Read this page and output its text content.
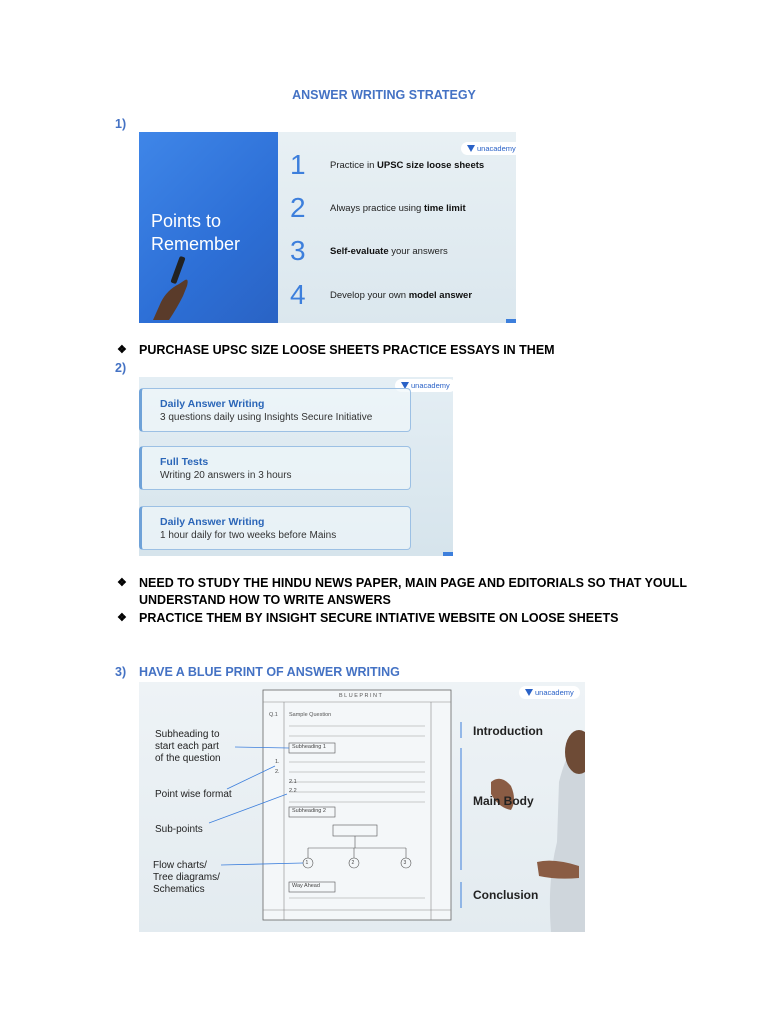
ANSWER WRITING STRATEGY
1)
Points to
Remember
unacademy
1	Practice in UPSC size loose sheets
2	Always practice using time limit
3	Self-evaluate your answers
4	Develop your own model answer
❖ PURCHASE UPSC SIZE LOOSE SHEETS PRACTICE ESSAYS IN THEM
2)
unacademy
Daily Answer Writing
3 questions daily using Insights Secure Initiative
Full Tests
Writing 20 answers in 3 hours
Daily Answer Writing
1 hour daily for two weeks before Mains
❖ NEED TO STUDY THE HINDU NEWS PAPER, MAIN PAGE AND EDITORIALS SO THAT YOULL UNDERSTAND HOW TO WRITE ANSWERS
❖ PRACTICE THEM BY INSIGHT SECURE INTIATIVE WEBSITE ON LOOSE SHEETS
3) HAVE A BLUE PRINT OF ANSWER WRITING
unacademy
BLUEPRINT
Q.1 Sample Question
Subheading 1
Subheading 2
Way Ahead
1.
2.
2.1
2.2
1	2	3
Subheading to
start each part
of the question
Point wise format
Sub-points
Flow charts/
Tree diagrams/
Schematics
Introduction
Main Body
Conclusion
